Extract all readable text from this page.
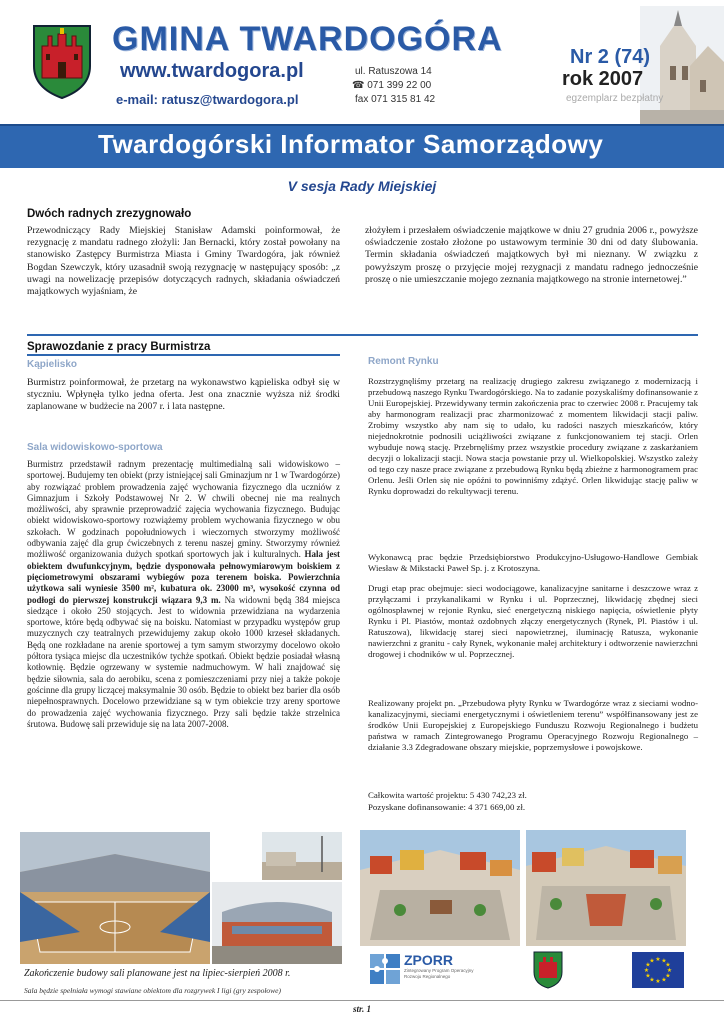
GMINA TWARDOGÓRA
www.twardogora.pl
e-mail: ratusz@twardogora.pl
ul. Ratuszowa 14
☎ 071 399 22 00
fax 071 315 81 42
Nr 2 (74)
rok 2007
egzemplarz bezpłatny
Twardogórski Informator Samorządowy
V sesja Rady Miejskiej
Dwóch radnych zrezygnowało
Przewodniczący Rady Miejskiej Stanisław Adamski poinformował, że rezygnację z mandatu radnego złożyli: Jan Bernacki, który został powołany na stanowisko Zastępcy Burmistrza Miasta i Gminy Twardogóra, jak również Bogdan Szewczyk, który uzasadnił swoją rezygnację w następujący sposób: „z uwagi na nowelizację przepisów dotyczących radnych, składania oświadczeń majątkowych wyjaśniam, że
złożyłem i przesłałem oświadczenie majątkowe w dniu 27 grudnia 2006 r., powyższe oświadczenie zostało złożone po ustawowym terminie 30 dni od daty ślubowania. Termin składania oświadczeń majątkowych był mi nieznany. W związku z powyższym proszę o przyjęcie mojej rezygnacji z mandatu radnego jednocześnie proszę o nie umieszczanie mojego zeznania majątkowego na stronie internetowej.”
Sprawozdanie z pracy Burmistrza
Kąpielisko
Burmistrz poinformował, że przetarg na wykonawstwo kąpieliska odbył się w styczniu. Wpłynęła tylko jedna oferta. Jest ona znacznie wyższa niż środki zaplanowane w budżecie na 2007 r. i lata następne.
Sala widowiskowo-sportowa
Burmistrz przedstawił radnym prezentację multimedialną sali widowiskowo – sportowej. Budujemy ten obiekt (przy istniejącej sali Gminazjum nr 1 w Twardogórze) aby rozwiązać problem prowadzenia zajęć wychowania fizycznego dla uczniów z Gimnazjum i Szkoły Podstawowej Nr 2. W chwili obecnej nie ma realnych możliwości, aby sprawnie przeprowadzić zajęcia wychowania fizycznego. Budując obiekt widowiskowo-sportowy rozwiążemy problem wychowania fizycznego w obu szkołach. W godzinach popołudniowych i wieczornych stworzymy możliwość odbywania zajęć dla grup ćwiczebnych z terenu naszej gminy. Stworzymy również możliwość organizowania dużych spotkań sportowych jak i kulturalnych. Hala jest obiektem dwufunkcyjnym, będzie dysponowała pełnowymiarowym boiskiem z pięciometrowymi obszarami wybiegów poza terenem boiska. Powierzchnia użytkowa sali wyniesie 3500 m², kubatura ok. 23000 m³, wysokość czynna od podłogi do pierwszej konstrukcji wiązara 9,3 m. Na widowni będą 384 miejsca siedzące i około 250 stojących. Jest to widownia przewidziana na wydarzenia sportowe, które będą odbywać się na boisku. Natomiast w przypadku występów grup muzycznych czy teatralnych przewidujemy zakup około 1000 krzeseł składanych. Będą one rozkładane na arenie sportowej a tym samym stworzymy docelowo około półtora tysiąca miejsc dla uczestników tychże spotkań. Obiekt będzie posiadał własną kotłownię. Będzie ogrzewany w systemie nadmuchowym. W hali znajdować się będzie siłownia, sala do aerobiku, scena z pomieszczeniami przy niej a także pokoje gościnne dla grupy liczącej maksymalnie 30 osób. Będzie to obiekt bez barier dla osób niepełnosprawnych. Docelowo przewidziane są w tym obiekcie trzy areny sportowe do prowadzenia zajęć wychowania fizycznego. Przy sali będzie także strzelnica śrutowa. Budowę sali przewiduje się na lata 2007-2008.
Remont Rynku
Rozstrzygnęliśmy przetarg na realizację drugiego zakresu związanego z modernizacją i przebudową naszego Rynku Twardogórskiego. Na to zadanie pozyskaliśmy dofinansowanie z Unii Europejskiej. Przewidywany termin zakończenia prac to czerwiec 2008 r. Pracujemy tak aby harmonogram realizacji prac zharmonizować z momentem likwidacji stacji paliw. Zrobimy wszystko aby nam się to udało, ku radości naszych mieszkańców, który niejednokrotnie podnosili uciążliwości związane z funkcjonowaniem tej stacji. Orlen wybuduje nową stację. Przebrnęliśmy przez wszystkie procedury związane z zaskarżaniem decyzji o lokalizacji stacji. Nowa stacja powstanie przy ul. Wielkopolskiej. Wszystko zależy od tego czy nasze prace związane z przebudową Rynku będą zbieżne z harmonogramem prac Orlenu. Jeśli Orlen się nie opóźni to powinniśmy zdążyć. Orlen likwidując stację paliw w Rynku doprowadzi do rekultywacji terenu.
Wykonawcą prac będzie Przedsiębiorstwo Produkcyjno-Usługowo-Handlowe Gembiak Wiesław & Mikstacki Paweł Sp. j. z Krotoszyna.
Drugi etap prac obejmuje: sieci wodociągowe, kanalizacyjne sanitarne i deszczowe wraz z przyłączami i przykanalikami w Rynku i ul. Poprzecznej, likwidację zbędnej sieci ogólnospławnej w rejonie Rynku, sieć energetyczną niskiego napięcia, oświetlenie płyty Rynku i Pl. Piastów, montaż ozdobnych złączy energetycznych (Rynek, Pl. Piastów i ul. Ratuszowa), likwidację starej sieci napowietrznej, iluminację Ratusza, wykonanie nawierzchni z granitu - cały Rynek, wykonanie małej architektury i odtworzenie nawierzchni drogowej i chodników w ul. Poprzecznej.
Realizowany projekt pn. „Przebudowa płyty Rynku w Twardogórze wraz z sieciami wodno-kanalizacyjnymi, sieciami energetycznymi i oświetleniem terenu” współfinansowany jest ze środków Unii Europejskiej z Europejskiego Funduszu Rozwoju Regionalnego i budżetu państwa w ramach Zintegrowanego Programu Operacyjnego Rozwoju Regionalnego – działanie 3.3 Zdegradowane obszary miejskie, poprzemysłowe i powojskowe.
Całkowita wartość projektu: 5 430 742,23 zł.
Pozyskane dofinansowanie: 4 371 669,00 zł.
Zakończenie budowy sali planowane jest na lipiec-sierpień 2008 r.
Sala będzie spełniała wymogi stawiane obiektom dla rozgrywek I ligi (gry zespołowe)
ZPORR
Zintegrowany Program Operacyjny Rozwoju Regionalnego
★ ★
★
★
★
★
★
★
★
★
★
★
str. 1
